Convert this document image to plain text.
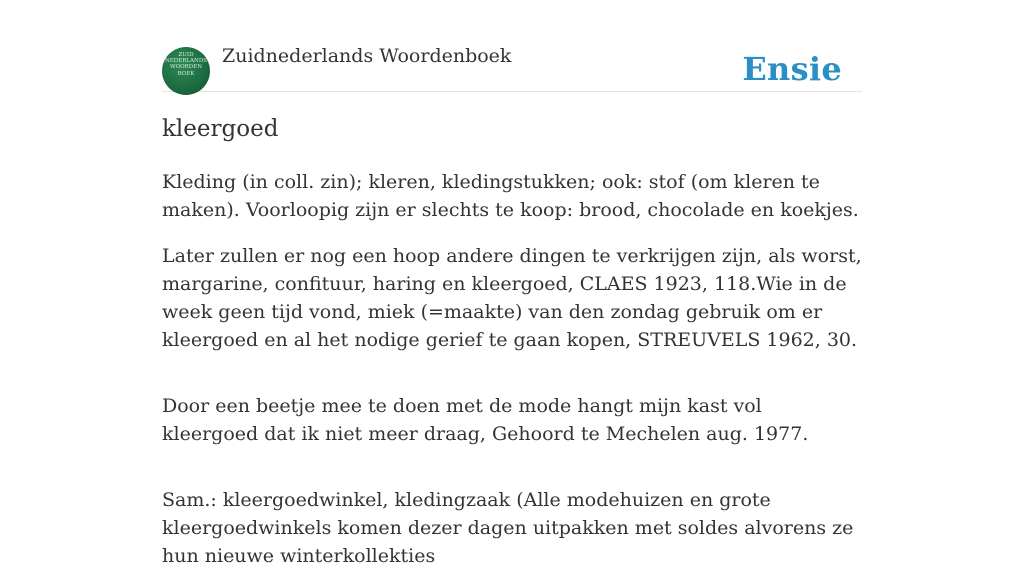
ZUID
NEDERLANDS
WOORDEN
BOEK
Zuidnederlands Woordenboek	Ensie
kleergoed

Kleding (in coll. zin); kleren, kledingstukken; ook: stof (om kleren te maken). Voorloopig zijn er slechts te koop: brood, chocolade en koekjes.

Later zullen er nog een hoop andere dingen te verkrijgen zijn, als worst, margarine, confituur, haring en kleergoed, CLAES 1923, 118.Wie in de week geen tijd vond, miek (=maakte) van den zondag gebruik om er kleergoed en al het nodige gerief te gaan kopen, STREUVELS 1962, 30.

Door een beetje mee te doen met de mode hangt mijn kast vol kleergoed dat ik niet meer draag, Gehoord te Mechelen aug. 1977.

Sam.: kleergoedwinkel, kledingzaak (Alle modehuizen en grote kleergoedwinkels komen dezer dagen uitpakken met soldes alvorens ze hun nieuwe winterkollekties
